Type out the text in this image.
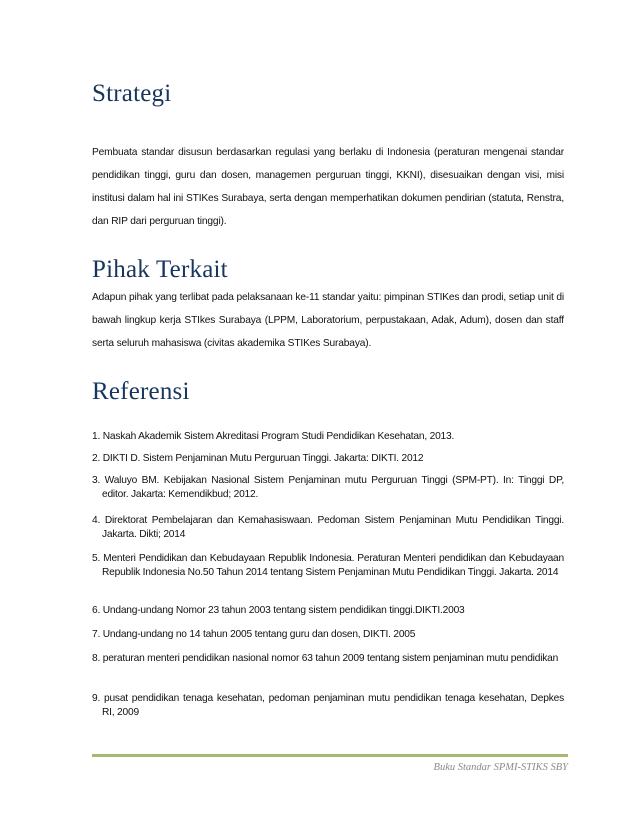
Strategi

Pembuata standar disusun berdasarkan regulasi yang berlaku di Indonesia (peraturan mengenai standar pendidikan tinggi, guru dan dosen, managemen perguruan tinggi, KKNI), disesuaikan dengan visi, misi institusi dalam hal ini STIKes Surabaya, serta dengan memperhatikan dokumen pendirian (statuta, Renstra, dan RIP dari perguruan tinggi).

Pihak Terkait

Adapun pihak yang terlibat pada pelaksanaan ke-11 standar yaitu: pimpinan STIKes dan prodi, setiap unit di bawah lingkup kerja STIkes Surabaya (LPPM, Laboratorium, perpustakaan, Adak, Adum), dosen dan staff serta seluruh mahasiswa (civitas akademika STIKes Surabaya).

Referensi
1. Naskah Akademik Sistem Akreditasi Program Studi Pendidikan Kesehatan, 2013.
2. DIKTI D. Sistem Penjaminan Mutu Perguruan Tinggi. Jakarta: DIKTI. 2012
3. Waluyo BM. Kebijakan Nasional Sistem Penjaminan mutu Perguruan Tinggi (SPM-PT). In: Tinggi DP, editor. Jakarta: Kemendikbud; 2012.
4. Direktorat Pembelajaran dan Kemahasiswaan. Pedoman Sistem Penjaminan Mutu Pendidikan Tinggi. Jakarta. Dikti; 2014
5. Menteri Pendidikan dan Kebudayaan Republik Indonesia. Peraturan Menteri pendidikan dan Kebudayaan Republik Indonesia No.50 Tahun 2014 tentang Sistem Penjaminan Mutu Pendidikan Tinggi. Jakarta. 2014
6. Undang-undang Nomor 23 tahun 2003 tentang sistem pendidikan tinggi.DIKTI.2003
7. Undang-undang no 14 tahun 2005 tentang guru dan dosen, DIKTI. 2005
8. peraturan menteri pendidikan nasional nomor 63 tahun 2009 tentang sistem penjaminan mutu pendidikan
9. pusat pendidikan tenaga kesehatan, pedoman penjaminan mutu pendidikan tenaga kesehatan, Depkes RI, 2009
Buku Standar SPMI-STIKS SBY
